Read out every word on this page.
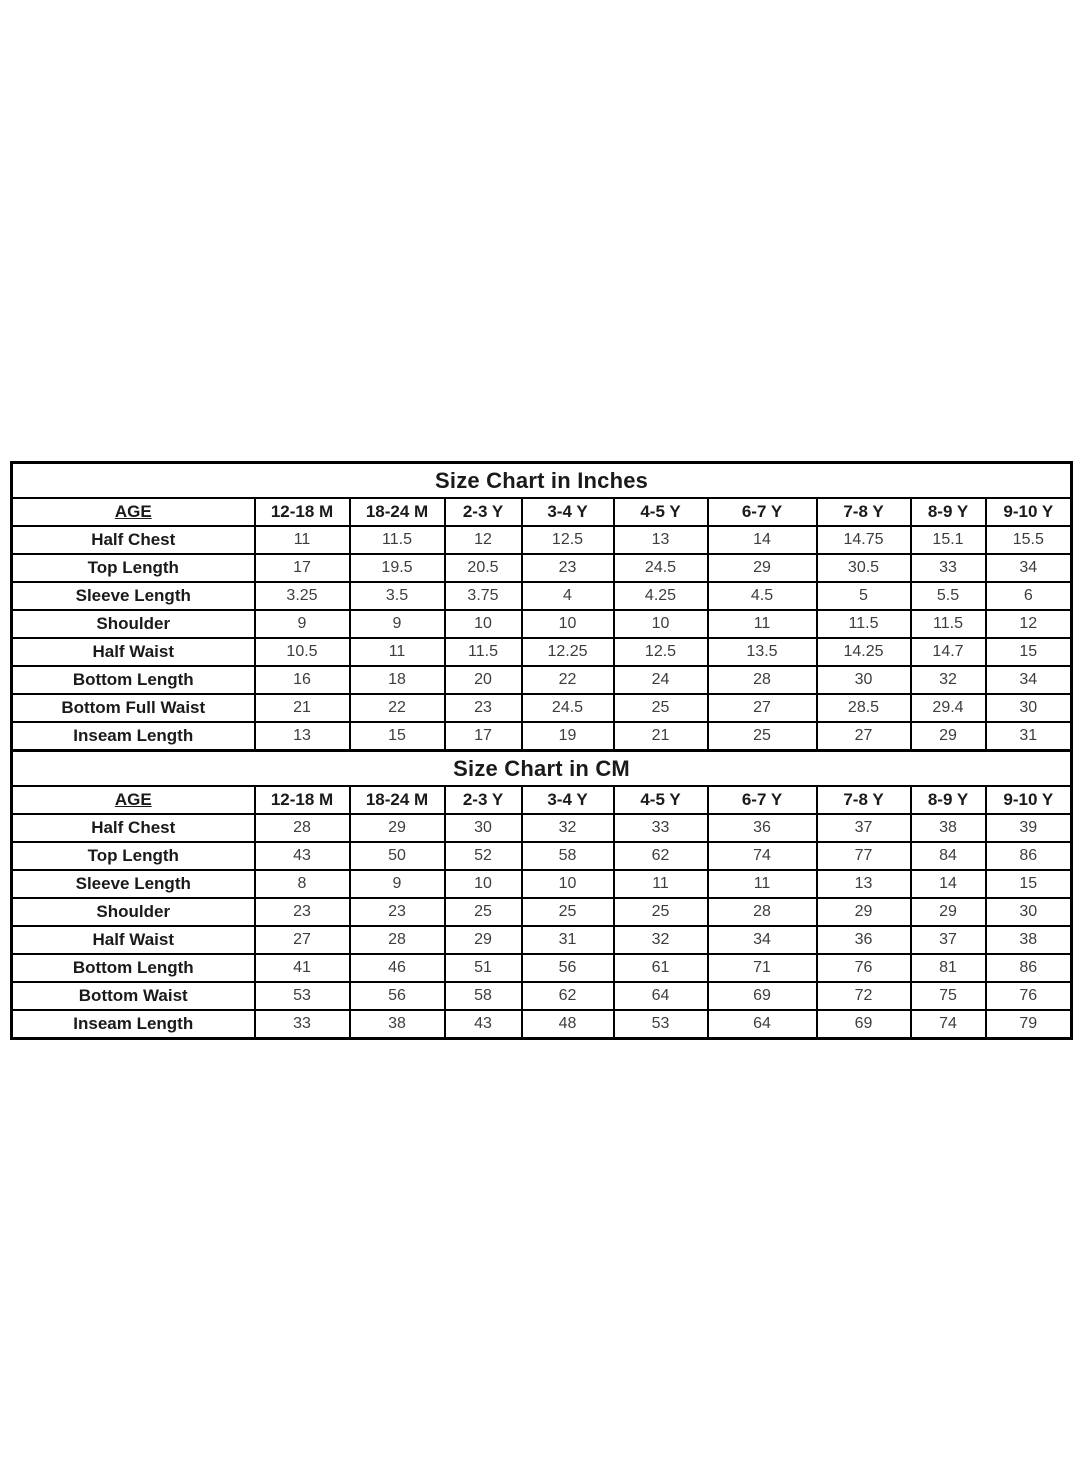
Size Chart in Inches									
AGE	12-18 M	18-24 M	2-3 Y	3-4 Y	4-5 Y	6-7 Y	7-8 Y	8-9 Y	9-10 Y
Half Chest	11	11.5	12	12.5	13	14	14.75	15.1	15.5
Top Length	17	19.5	20.5	23	24.5	29	30.5	33	34
Sleeve Length	3.25	3.5	3.75	4	4.25	4.5	5	5.5	6
Shoulder	9	9	10	10	10	11	11.5	11.5	12
Half Waist	10.5	11	11.5	12.25	12.5	13.5	14.25	14.7	15
Bottom Length	16	18	20	22	24	28	30	32	34
Bottom Full Waist	21	22	23	24.5	25	27	28.5	29.4	30
Inseam Length	13	15	17	19	21	25	27	29	31
Size Chart in CM									
AGE	12-18 M	18-24 M	2-3 Y	3-4 Y	4-5 Y	6-7 Y	7-8 Y	8-9 Y	9-10 Y
Half Chest	28	29	30	32	33	36	37	38	39
Top Length	43	50	52	58	62	74	77	84	86
Sleeve Length	8	9	10	10	11	11	13	14	15
Shoulder	23	23	25	25	25	28	29	29	30
Half Waist	27	28	29	31	32	34	36	37	38
Bottom Length	41	46	51	56	61	71	76	81	86
Bottom Waist	53	56	58	62	64	69	72	75	76
Inseam Length	33	38	43	48	53	64	69	74	79
